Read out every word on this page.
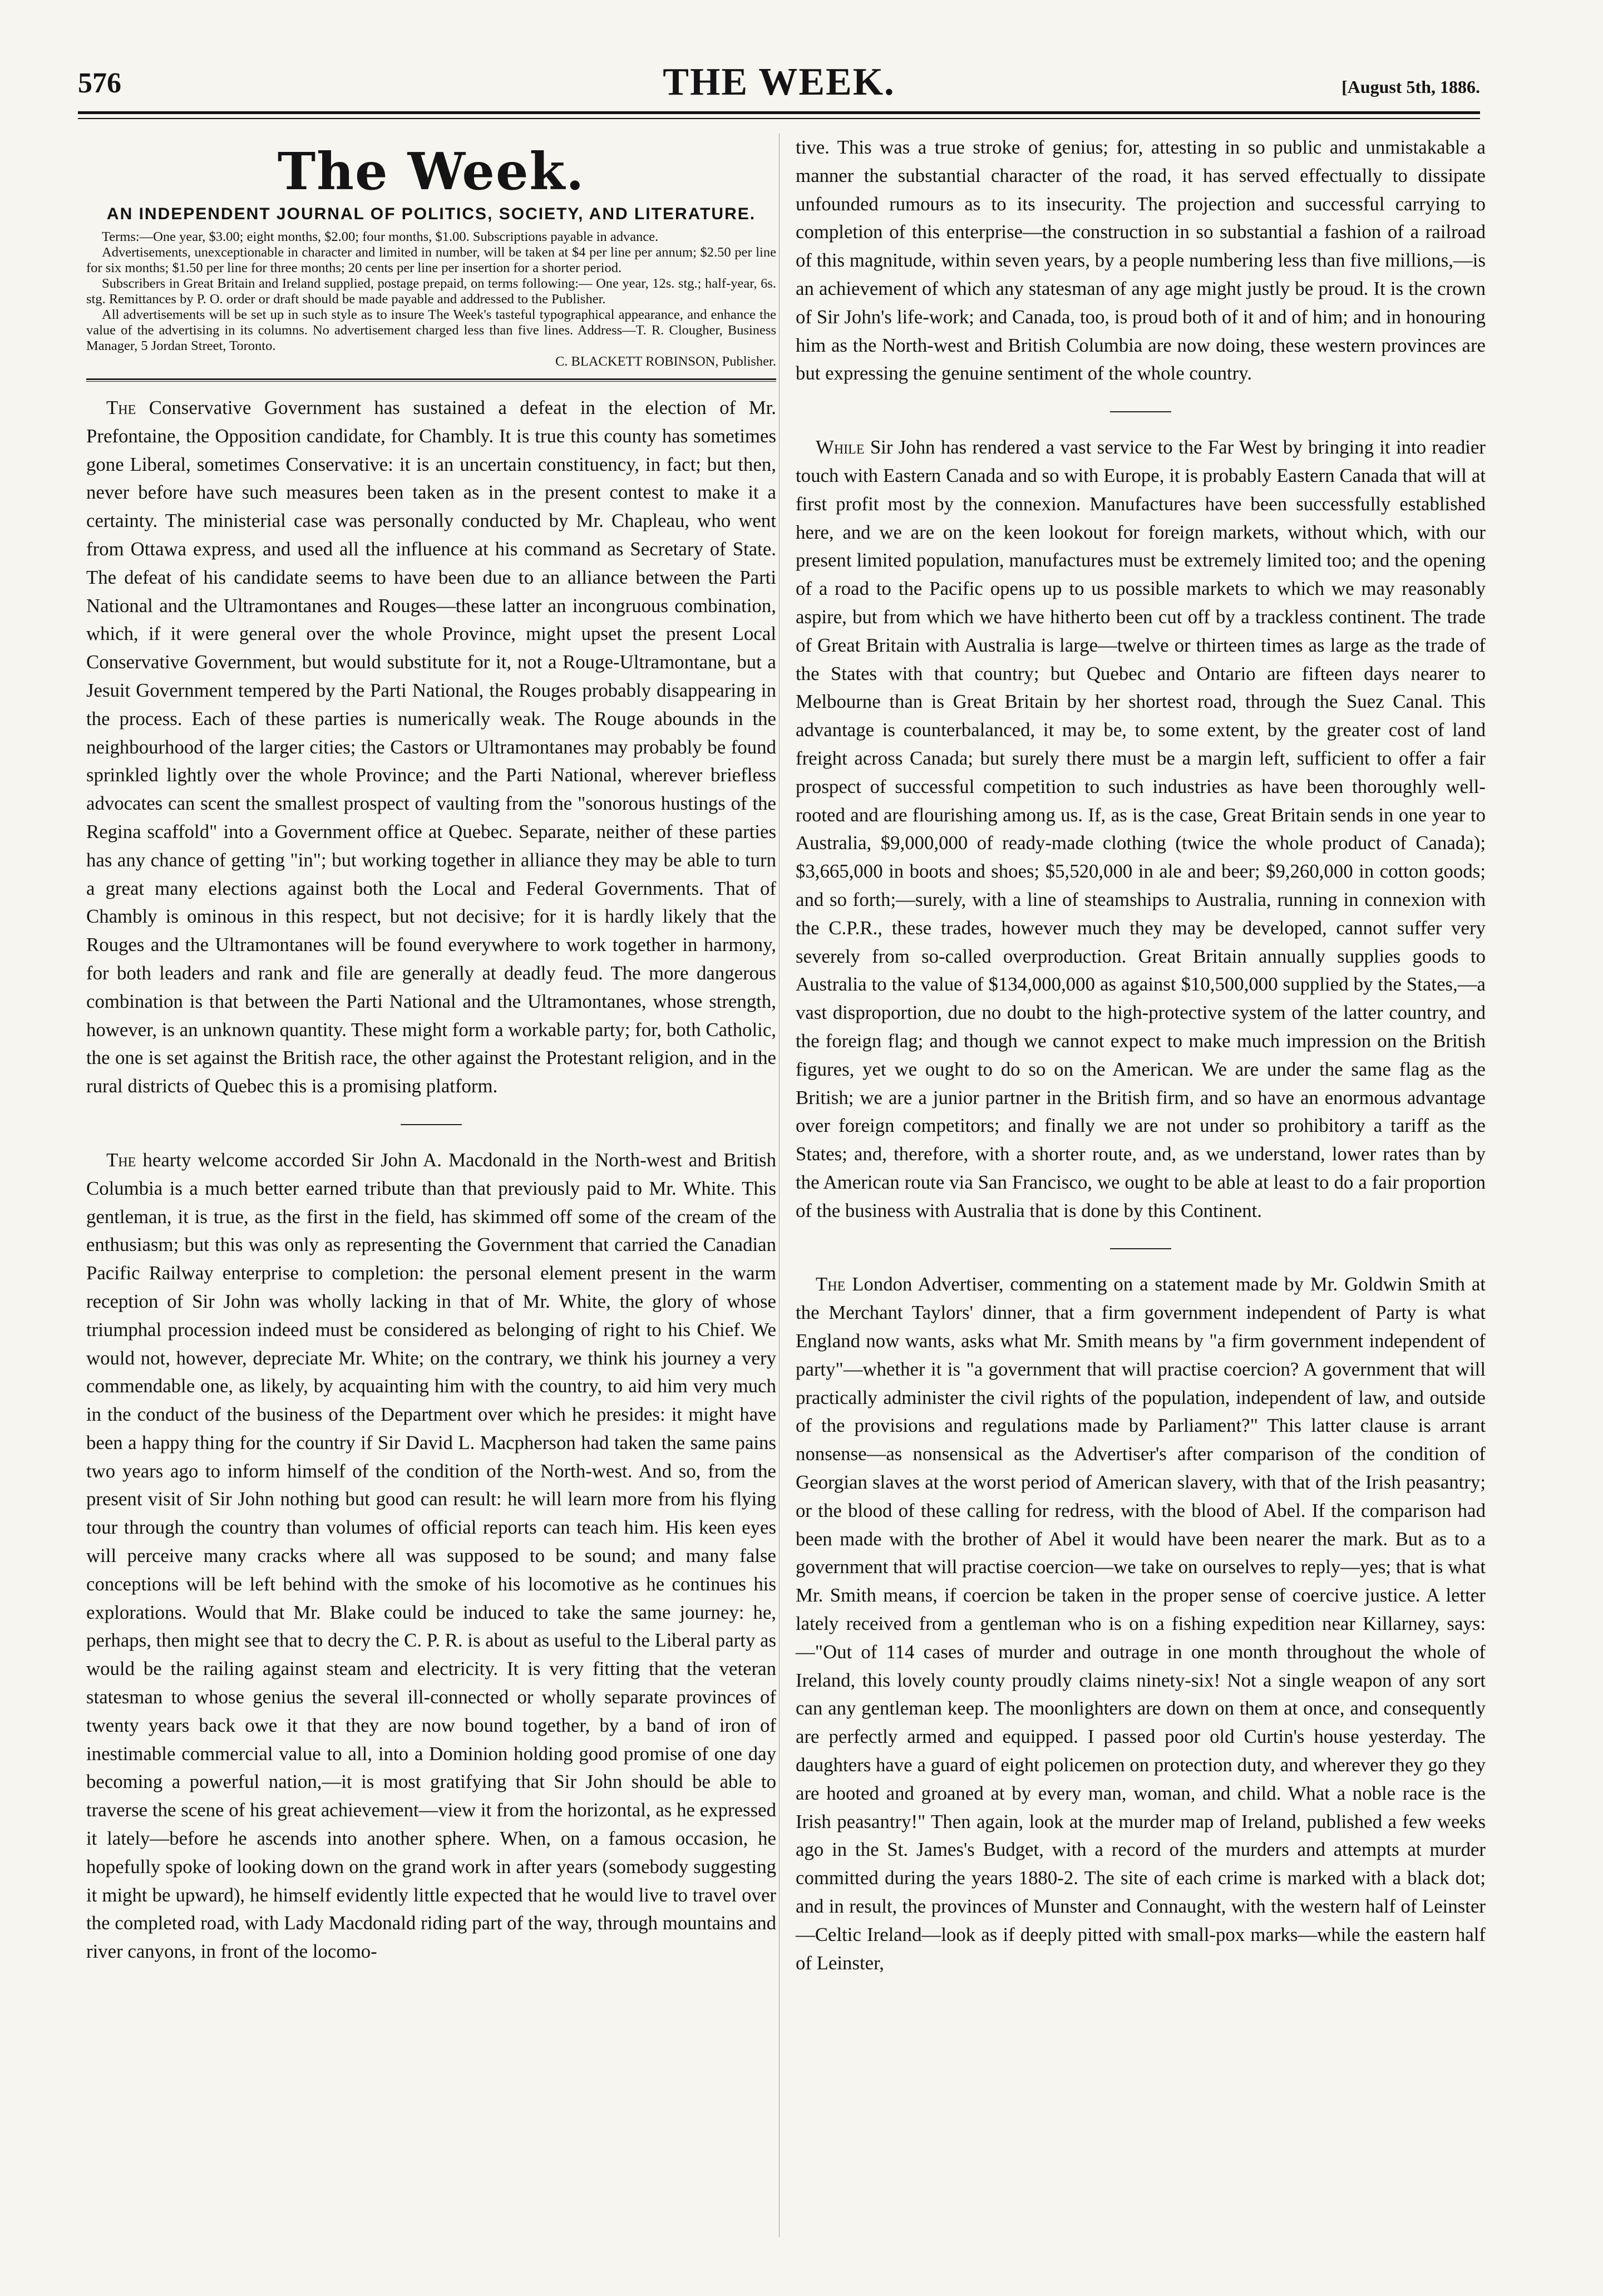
576	THE WEEK.	[August 5th, 1886.
The Week.
AN INDEPENDENT JOURNAL OF POLITICS, SOCIETY, AND LITERATURE.

Terms:—One year, $3.00; eight months, $2.00; four months, $1.00. Subscriptions payable in advance.

Advertisements, unexceptionable in character and limited in number, will be taken at $4 per line per annum; $2.50 per line for six months; $1.50 per line for three months; 20 cents per line per insertion for a shorter period.

Subscribers in Great Britain and Ireland supplied, postage prepaid, on terms following:— One year, 12s. stg.; half-year, 6s. stg. Remittances by P. O. order or draft should be made payable and addressed to the Publisher.

All advertisements will be set up in such style as to insure The Week's tasteful typographical appearance, and enhance the value of the advertising in its columns. No advertisement charged less than five lines. Address—T. R. Clougher, Business Manager, 5 Jordan Street, Toronto.

C. BLACKETT ROBINSON, Publisher.

The Conservative Government has sustained a defeat in the election of Mr. Prefontaine, the Opposition candidate, for Chambly. It is true this county has sometimes gone Liberal, sometimes Conservative: it is an uncertain constituency, in fact; but then, never before have such measures been taken as in the present contest to make it a certainty. The ministerial case was personally conducted by Mr. Chapleau, who went from Ottawa express, and used all the influence at his command as Secretary of State. The defeat of his candidate seems to have been due to an alliance between the Parti National and the Ultramontanes and Rouges—these latter an incongruous combination, which, if it were general over the whole Province, might upset the present Local Conservative Government, but would substitute for it, not a Rouge-Ultramontane, but a Jesuit Government tempered by the Parti National, the Rouges probably disappearing in the process. Each of these parties is numerically weak. The Rouge abounds in the neighbourhood of the larger cities; the Castors or Ultramontanes may probably be found sprinkled lightly over the whole Province; and the Parti National, wherever briefless advocates can scent the smallest prospect of vaulting from the "sonorous hustings of the Regina scaffold" into a Government office at Quebec. Separate, neither of these parties has any chance of getting "in"; but working together in alliance they may be able to turn a great many elections against both the Local and Federal Governments. That of Chambly is ominous in this respect, but not decisive; for it is hardly likely that the Rouges and the Ultramontanes will be found everywhere to work together in harmony, for both leaders and rank and file are generally at deadly feud. The more dangerous combination is that between the Parti National and the Ultramontanes, whose strength, however, is an unknown quantity. These might form a workable party; for, both Catholic, the one is set against the British race, the other against the Protestant religion, and in the rural districts of Quebec this is a promising platform.

The hearty welcome accorded Sir John A. Macdonald in the North-west and British Columbia is a much better earned tribute than that previously paid to Mr. White. This gentleman, it is true, as the first in the field, has skimmed off some of the cream of the enthusiasm; but this was only as representing the Government that carried the Canadian Pacific Railway enterprise to completion: the personal element present in the warm reception of Sir John was wholly lacking in that of Mr. White, the glory of whose triumphal procession indeed must be considered as belonging of right to his Chief. We would not, however, depreciate Mr. White; on the contrary, we think his journey a very commendable one, as likely, by acquainting him with the country, to aid him very much in the conduct of the business of the Department over which he presides: it might have been a happy thing for the country if Sir David L. Macpherson had taken the same pains two years ago to inform himself of the condition of the North-west. And so, from the present visit of Sir John nothing but good can result: he will learn more from his flying tour through the country than volumes of official reports can teach him. His keen eyes will perceive many cracks where all was supposed to be sound; and many false conceptions will be left behind with the smoke of his locomotive as he continues his explorations. Would that Mr. Blake could be induced to take the same journey: he, perhaps, then might see that to decry the C. P. R. is about as useful to the Liberal party as would be the railing against steam and electricity. It is very fitting that the veteran statesman to whose genius the several ill-connected or wholly separate provinces of twenty years back owe it that they are now bound together, by a band of iron of inestimable commercial value to all, into a Dominion holding good promise of one day becoming a powerful nation,—it is most gratifying that Sir John should be able to traverse the scene of his great achievement—view it from the horizontal, as he expressed it lately—before he ascends into another sphere. When, on a famous occasion, he hopefully spoke of looking down on the grand work in after years (somebody suggesting it might be upward), he himself evidently little expected that he would live to travel over the completed road, with Lady Macdonald riding part of the way, through mountains and river canyons, in front of the locomo-

tive. This was a true stroke of genius; for, attesting in so public and unmistakable a manner the substantial character of the road, it has served effectually to dissipate unfounded rumours as to its insecurity. The projection and successful carrying to completion of this enterprise—the construction in so substantial a fashion of a railroad of this magnitude, within seven years, by a people numbering less than five millions,—is an achievement of which any statesman of any age might justly be proud. It is the crown of Sir John's life-work; and Canada, too, is proud both of it and of him; and in honouring him as the North-west and British Columbia are now doing, these western provinces are but expressing the genuine sentiment of the whole country.

While Sir John has rendered a vast service to the Far West by bringing it into readier touch with Eastern Canada and so with Europe, it is probably Eastern Canada that will at first profit most by the connexion. Manufactures have been successfully established here, and we are on the keen lookout for foreign markets, without which, with our present limited population, manufactures must be extremely limited too; and the opening of a road to the Pacific opens up to us possible markets to which we may reasonably aspire, but from which we have hitherto been cut off by a trackless continent. The trade of Great Britain with Australia is large—twelve or thirteen times as large as the trade of the States with that country; but Quebec and Ontario are fifteen days nearer to Melbourne than is Great Britain by her shortest road, through the Suez Canal. This advantage is counterbalanced, it may be, to some extent, by the greater cost of land freight across Canada; but surely there must be a margin left, sufficient to offer a fair prospect of successful competition to such industries as have been thoroughly well-rooted and are flourishing among us. If, as is the case, Great Britain sends in one year to Australia, $9,000,000 of ready-made clothing (twice the whole product of Canada); $3,665,000 in boots and shoes; $5,520,000 in ale and beer; $9,260,000 in cotton goods; and so forth;—surely, with a line of steamships to Australia, running in connexion with the C.P.R., these trades, however much they may be developed, cannot suffer very severely from so-called overproduction. Great Britain annually supplies goods to Australia to the value of $134,000,000 as against $10,500,000 supplied by the States,—a vast disproportion, due no doubt to the high-protective system of the latter country, and the foreign flag; and though we cannot expect to make much impression on the British figures, yet we ought to do so on the American. We are under the same flag as the British; we are a junior partner in the British firm, and so have an enormous advantage over foreign competitors; and finally we are not under so prohibitory a tariff as the States; and, therefore, with a shorter route, and, as we understand, lower rates than by the American route via San Francisco, we ought to be able at least to do a fair proportion of the business with Australia that is done by this Continent.

The London Advertiser, commenting on a statement made by Mr. Goldwin Smith at the Merchant Taylors' dinner, that a firm government independent of Party is what England now wants, asks what Mr. Smith means by "a firm government independent of party"—whether it is "a government that will practise coercion? A government that will practically administer the civil rights of the population, independent of law, and outside of the provisions and regulations made by Parliament?" This latter clause is arrant nonsense—as nonsensical as the Advertiser's after comparison of the condition of Georgian slaves at the worst period of American slavery, with that of the Irish peasantry; or the blood of these calling for redress, with the blood of Abel. If the comparison had been made with the brother of Abel it would have been nearer the mark. But as to a government that will practise coercion—we take on ourselves to reply—yes; that is what Mr. Smith means, if coercion be taken in the proper sense of coercive justice. A letter lately received from a gentleman who is on a fishing expedition near Killarney, says:—"Out of 114 cases of murder and outrage in one month throughout the whole of Ireland, this lovely county proudly claims ninety-six! Not a single weapon of any sort can any gentleman keep. The moonlighters are down on them at once, and consequently are perfectly armed and equipped. I passed poor old Curtin's house yesterday. The daughters have a guard of eight policemen on protection duty, and wherever they go they are hooted and groaned at by every man, woman, and child. What a noble race is the Irish peasantry!" Then again, look at the murder map of Ireland, published a few weeks ago in the St. James's Budget, with a record of the murders and attempts at murder committed during the years 1880-2. The site of each crime is marked with a black dot; and in result, the provinces of Munster and Connaught, with the western half of Leinster—Celtic Ireland—look as if deeply pitted with small-pox marks—while the eastern half of Leinster,
